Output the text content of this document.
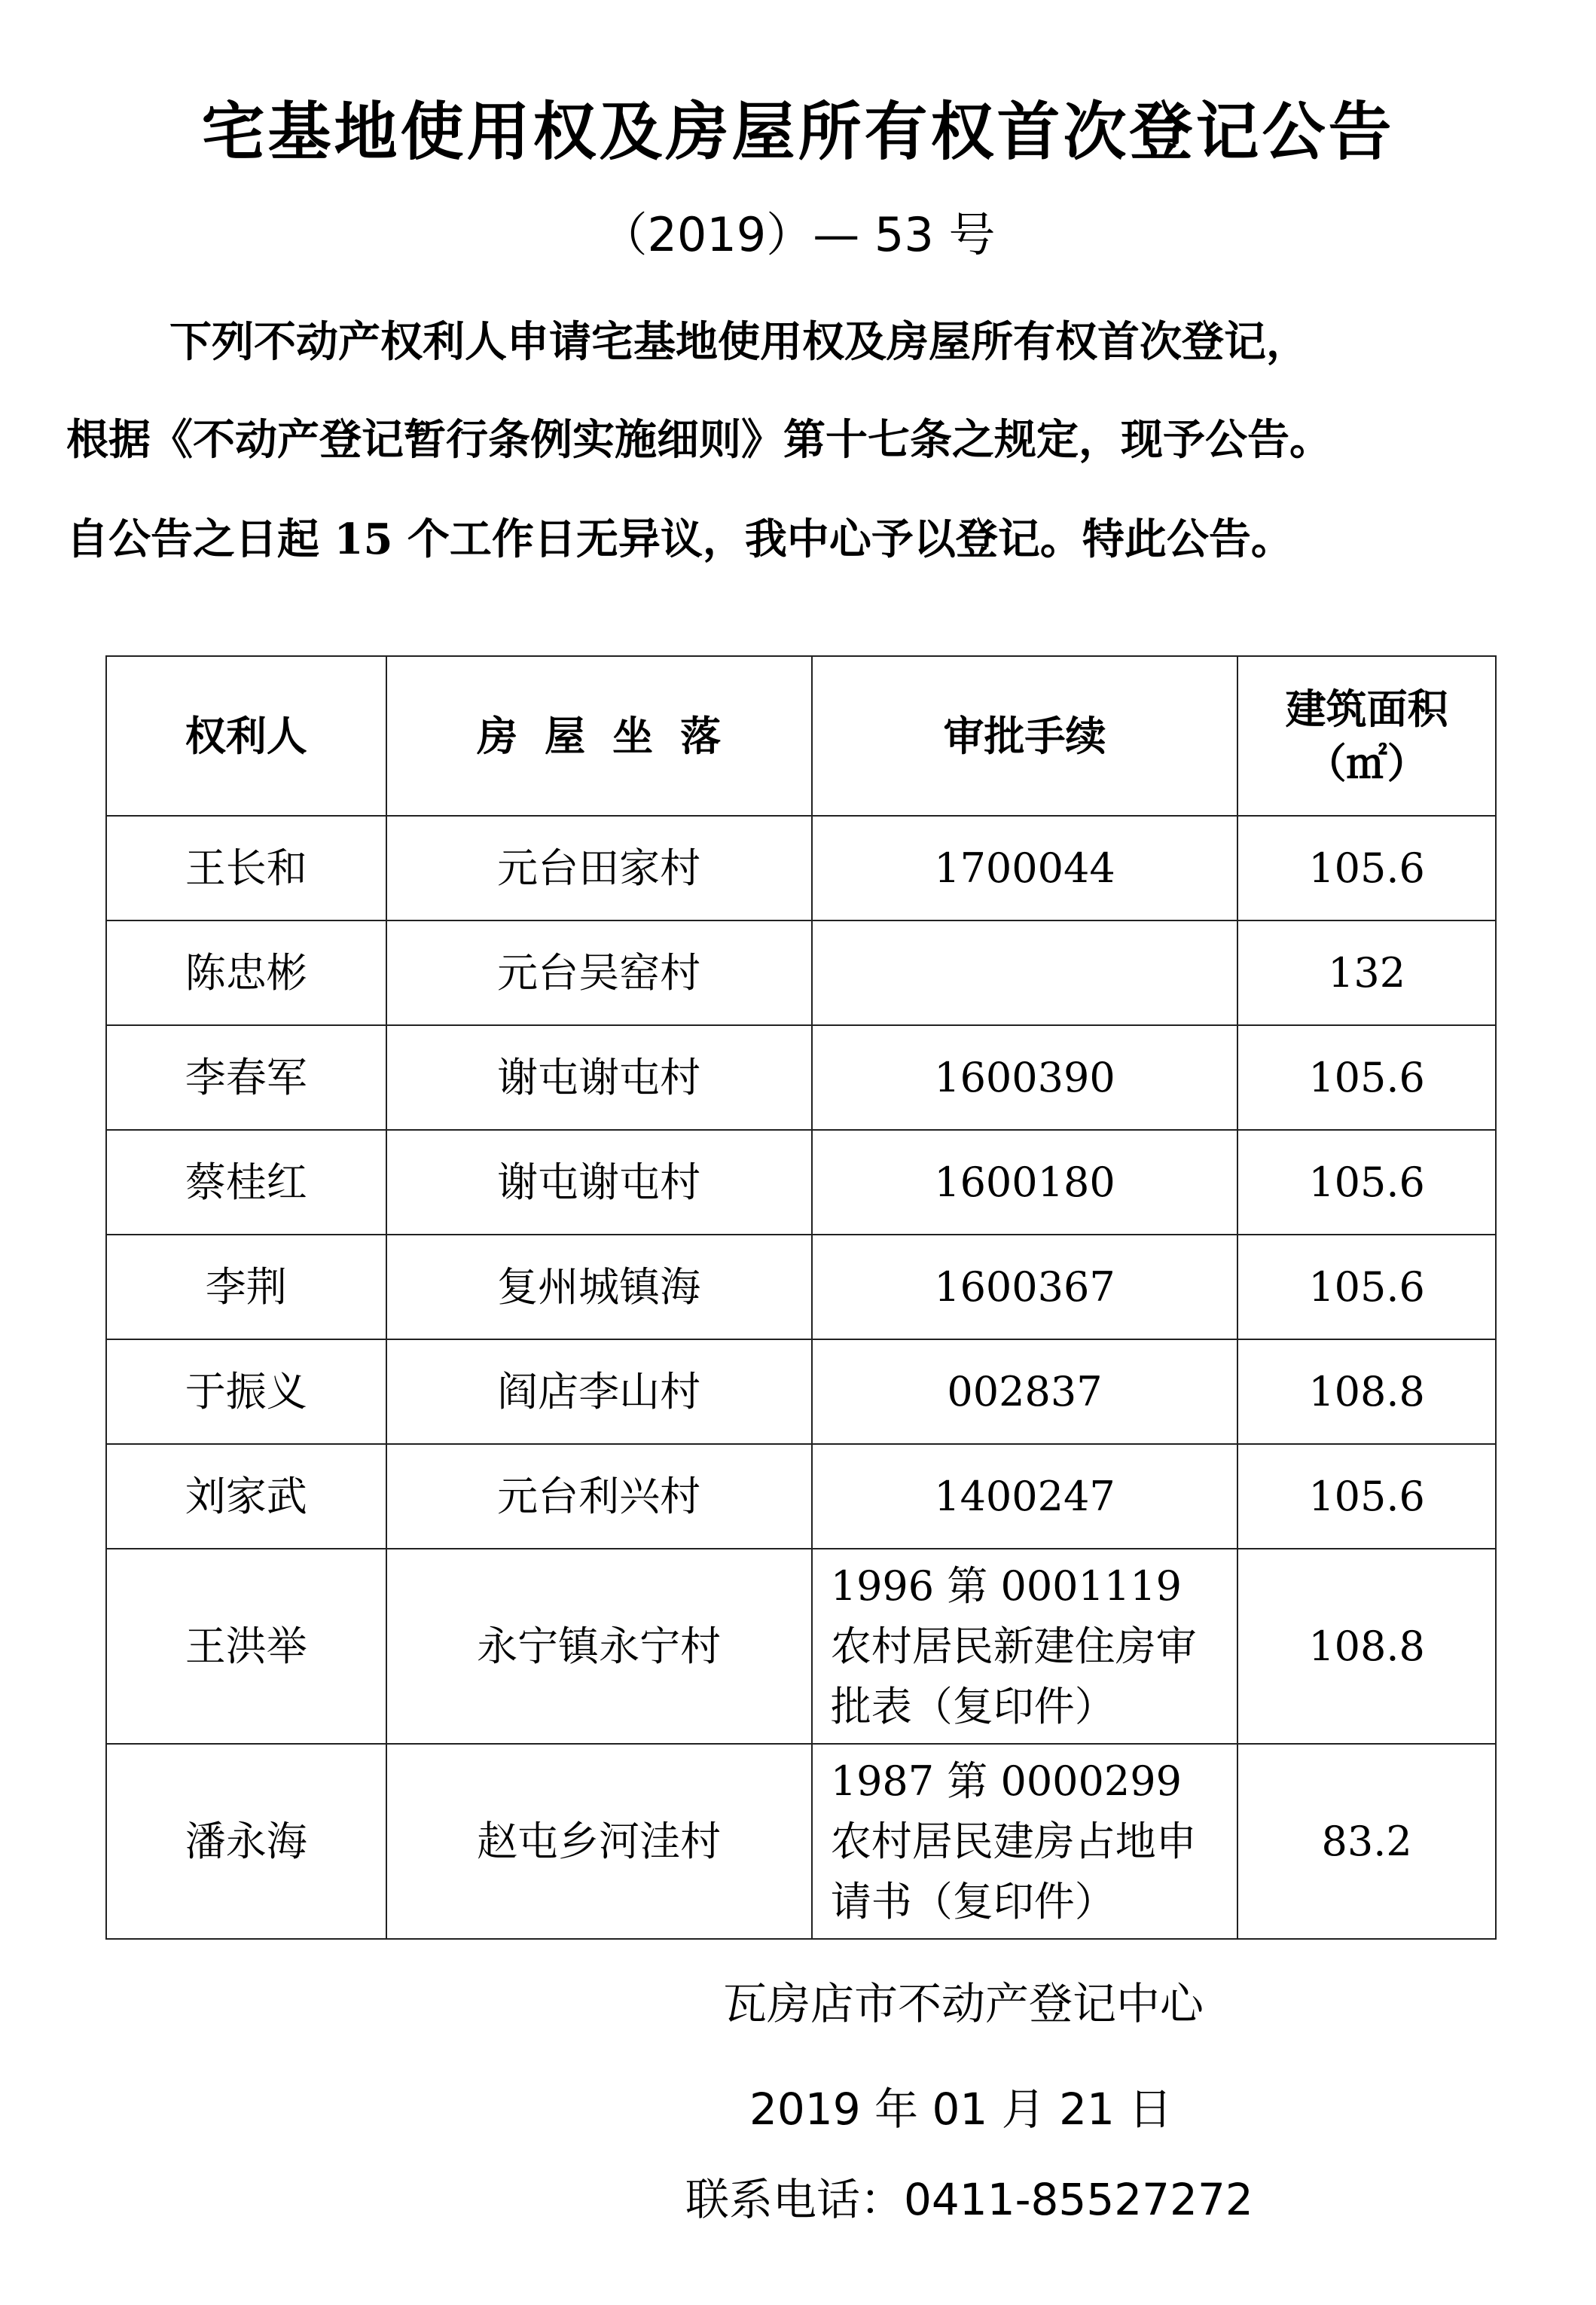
宅基地使用权及房屋所有权首次登记公告
（2019）— 53 号
下列不动产权利人申请宅基地使用权及房屋所有权首次登记，
根据《不动产登记暂行条例实施细则》第十七条之规定，现予公告。
自公告之日起 15 个工作日无异议，我中心予以登记。特此公告。
权利人	房 屋 坐 落	审批手续	建筑面积
（㎡）

王长和	元台田家村	1700044	105.6
陈忠彬	元台吴窑村		132
李春军	谢屯谢屯村	1600390	105.6
蔡桂红	谢屯谢屯村	1600180	105.6
李荆	复州城镇海	1600367	105.6
于振义	阎店李山村	002837	108.8
刘家武	元台利兴村	1400247	105.6
王洪举	永宁镇永宁村	1996 第 0001119 农村居民新建住房审批表（复印件）	108.8
潘永海	赵屯乡河洼村	1987 第 0000299 农村居民建房占地申请书（复印件）	83.2
瓦房店市不动产登记中心
2019 年 01 月 21 日
联系电话：0411-85527272
